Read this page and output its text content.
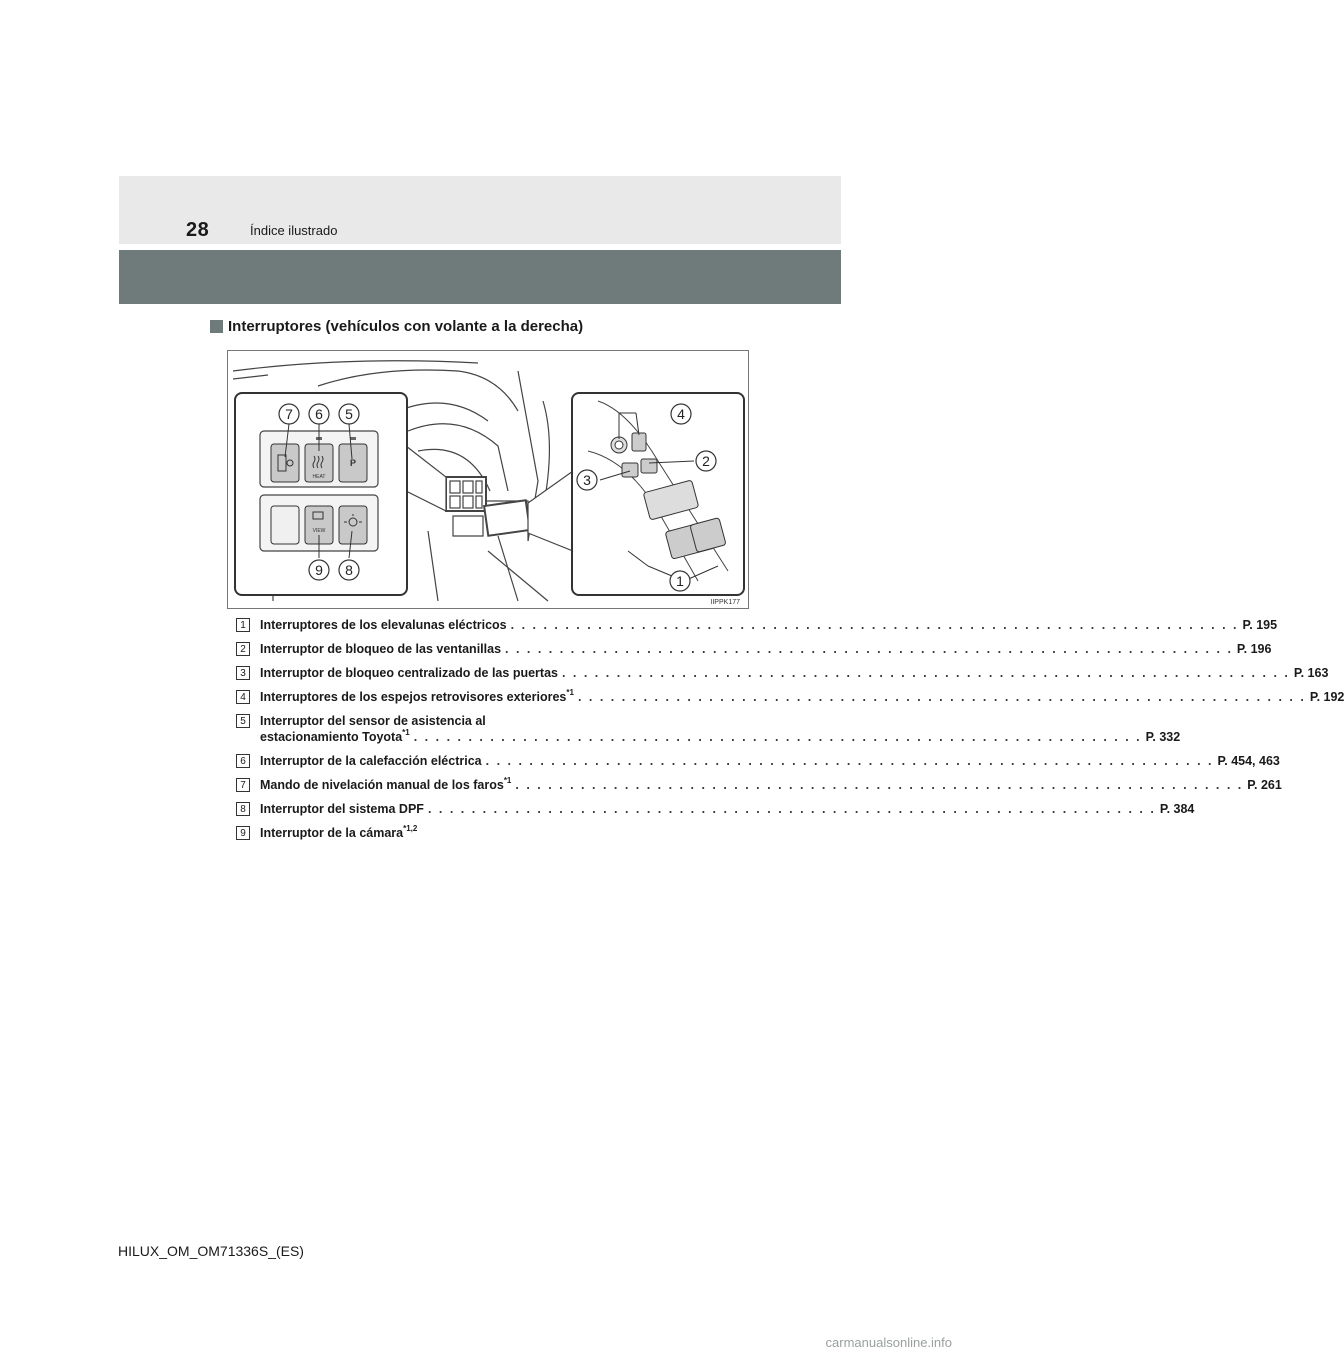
28	Índice ilustrado
Interruptores (vehículos con volante a la derecha)
P
HEAT
VIEW
7 6 5
9 8
4
2
3
1
IIPPK177
1	Interruptores de los elevalunas eléctricos . . .	P. 195
2	Interruptor de bloqueo de las ventanillas . . .	P. 196
3	Interruptor de bloqueo centralizado de las puertas . . .	P. 163
4	Interruptores de los espejos retrovisores exteriores$^{*1}$ . . .	P. 192
5	Interruptor del sensor de asistencia al
estacionamiento Toyota$^{*1}$ . . .	P. 332
6	Interruptor de la calefacción eléctrica . . .	P. 454, 463
7	Mando de nivelación manual de los faros$^{*1}$ . . .	P. 261
8	Interruptor del sistema DPF . . .	P. 384
9	Interruptor de la cámara$^{*1,2}$
HILUX_OM_OM71336S_(ES)
carmanualsonline.info
